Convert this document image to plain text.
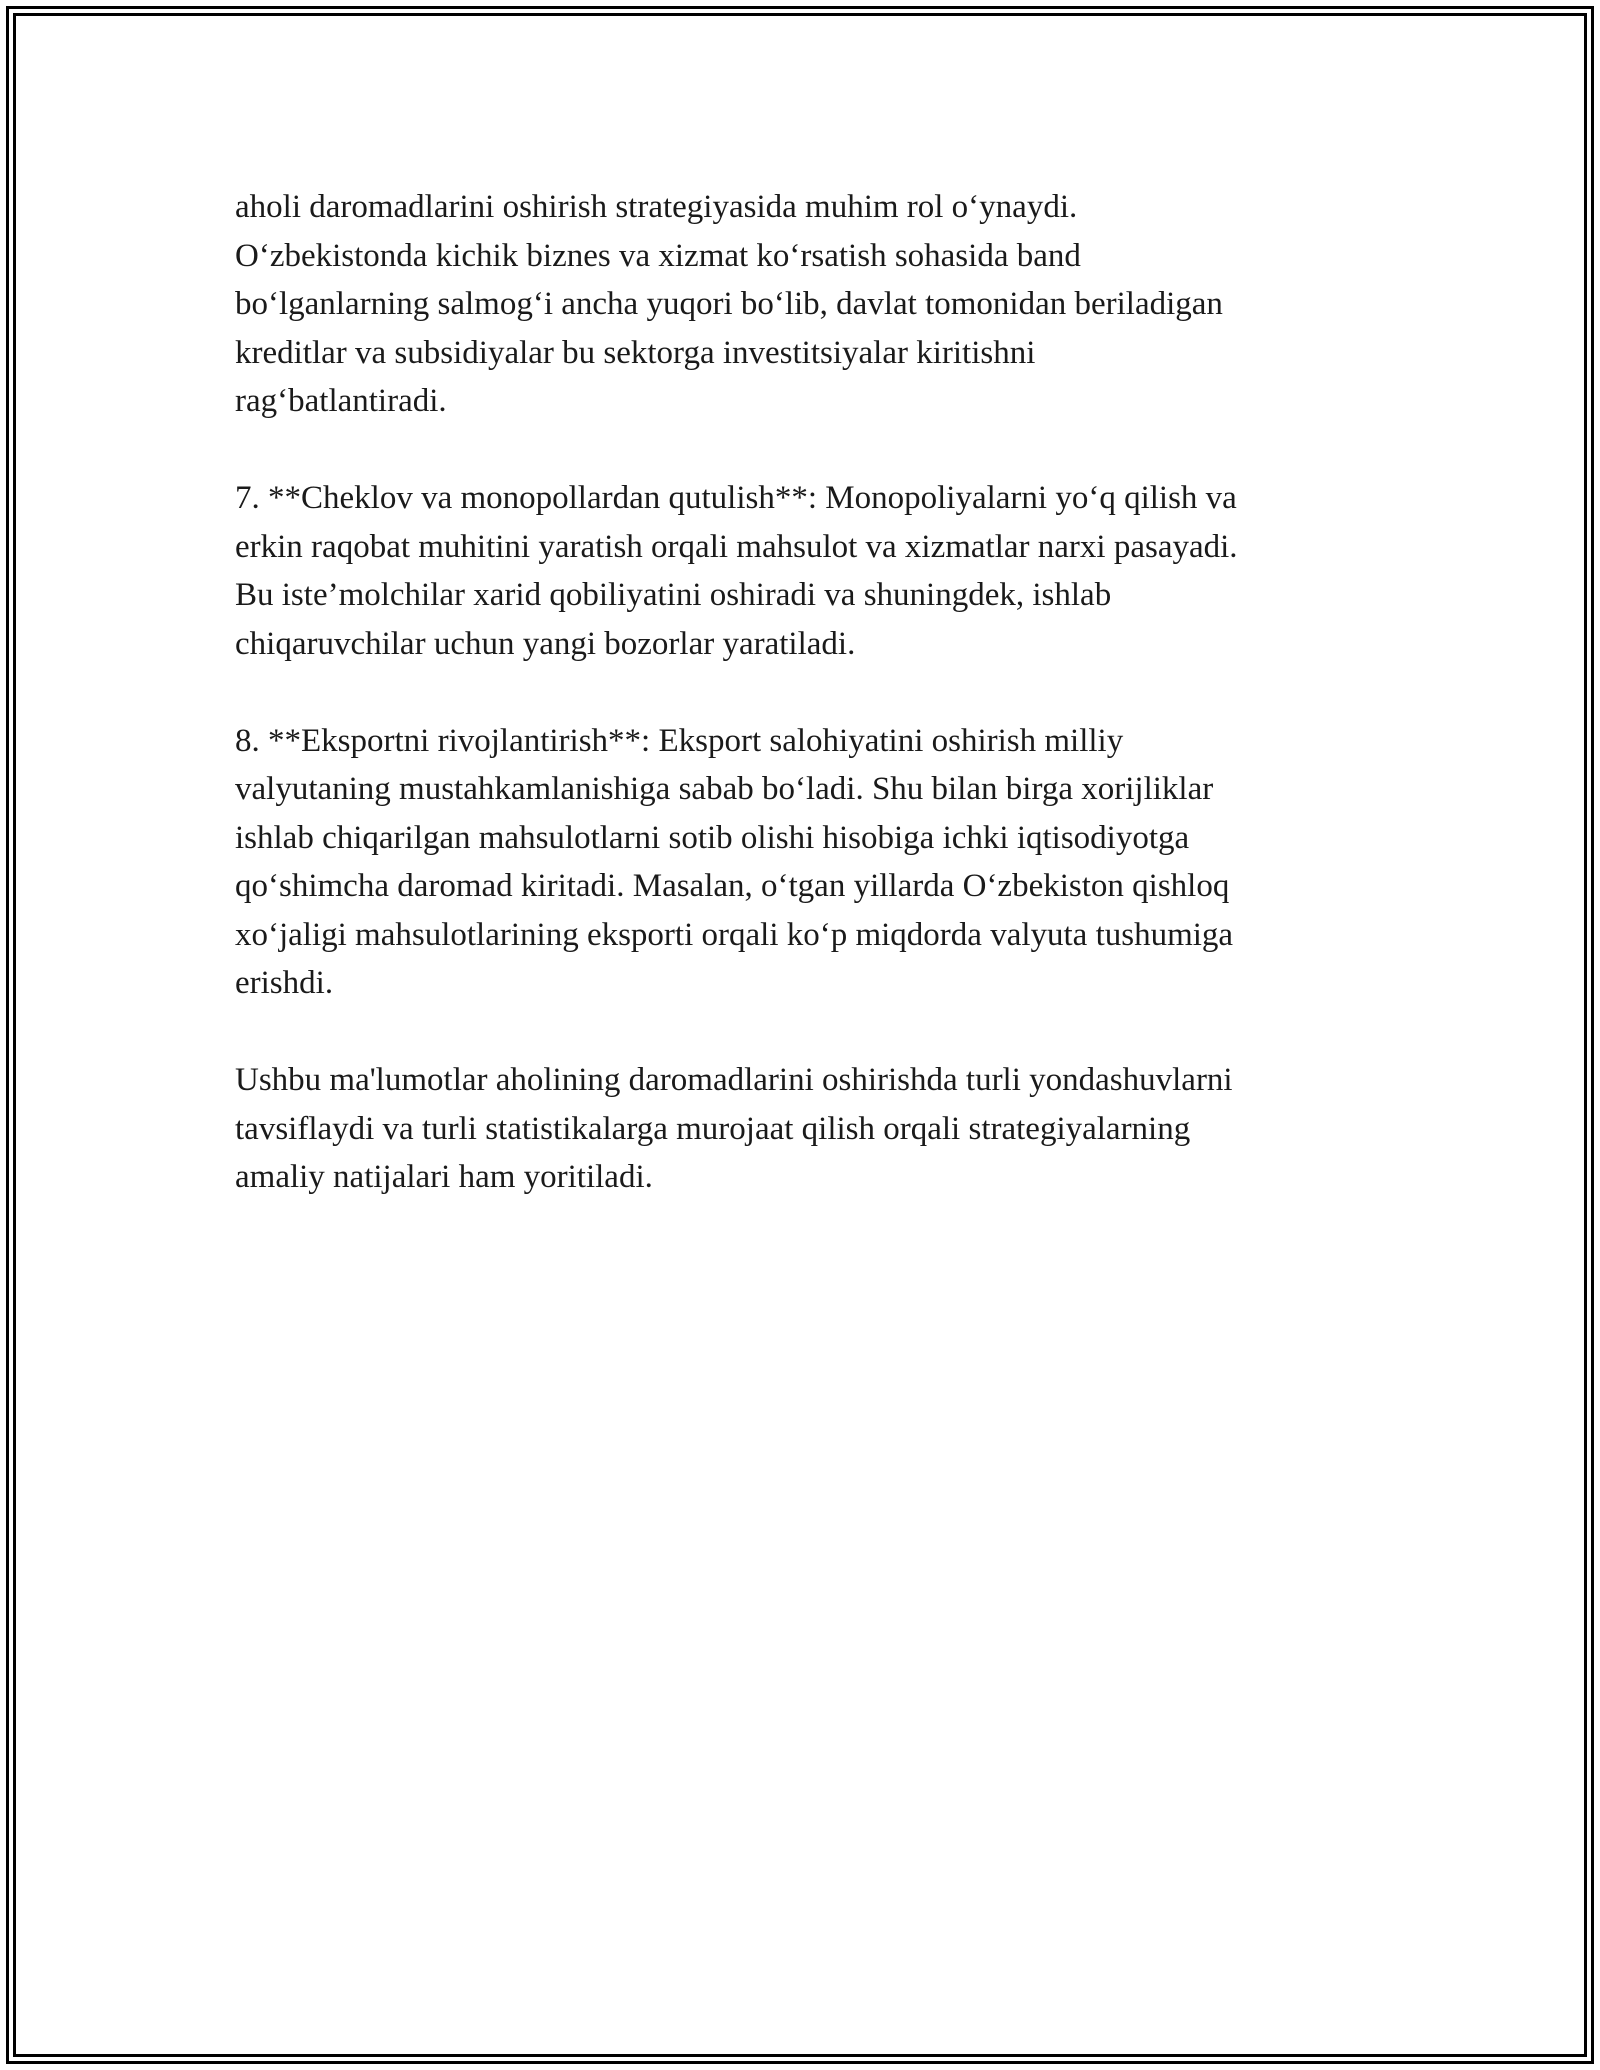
aholi daromadlarini oshirish strategiyasida muhim rol o‘ynaydi.
O‘zbekistonda kichik biznes va xizmat ko‘rsatish sohasida band
bo‘lganlarning salmog‘i ancha yuqori bo‘lib, davlat tomonidan beriladigan
kreditlar va subsidiyalar bu sektorga investitsiyalar kiritishni
rag‘batlantiradi.

7. **Cheklov va monopollardan qutulish**: Monopoliyalarni yo‘q qilish va
erkin raqobat muhitini yaratish orqali mahsulot va xizmatlar narxi pasayadi.
Bu iste’molchilar xarid qobiliyatini oshiradi va shuningdek, ishlab
chiqaruvchilar uchun yangi bozorlar yaratiladi.

8. **Eksportni rivojlantirish**: Eksport salohiyatini oshirish milliy
valyutaning mustahkamlanishiga sabab bo‘ladi. Shu bilan birga xorijliklar
ishlab chiqarilgan mahsulotlarni sotib olishi hisobiga ichki iqtisodiyotga
qo‘shimcha daromad kiritadi. Masalan, o‘tgan yillarda O‘zbekiston qishloq
xo‘jaligi mahsulotlarining eksporti orqali ko‘p miqdorda valyuta tushumiga
erishdi.

Ushbu ma'lumotlar aholining daromadlarini oshirishda turli yondashuvlarni
tavsiflaydi va turli statistikalarga murojaat qilish orqali strategiyalarning
amaliy natijalari ham yoritiladi.
